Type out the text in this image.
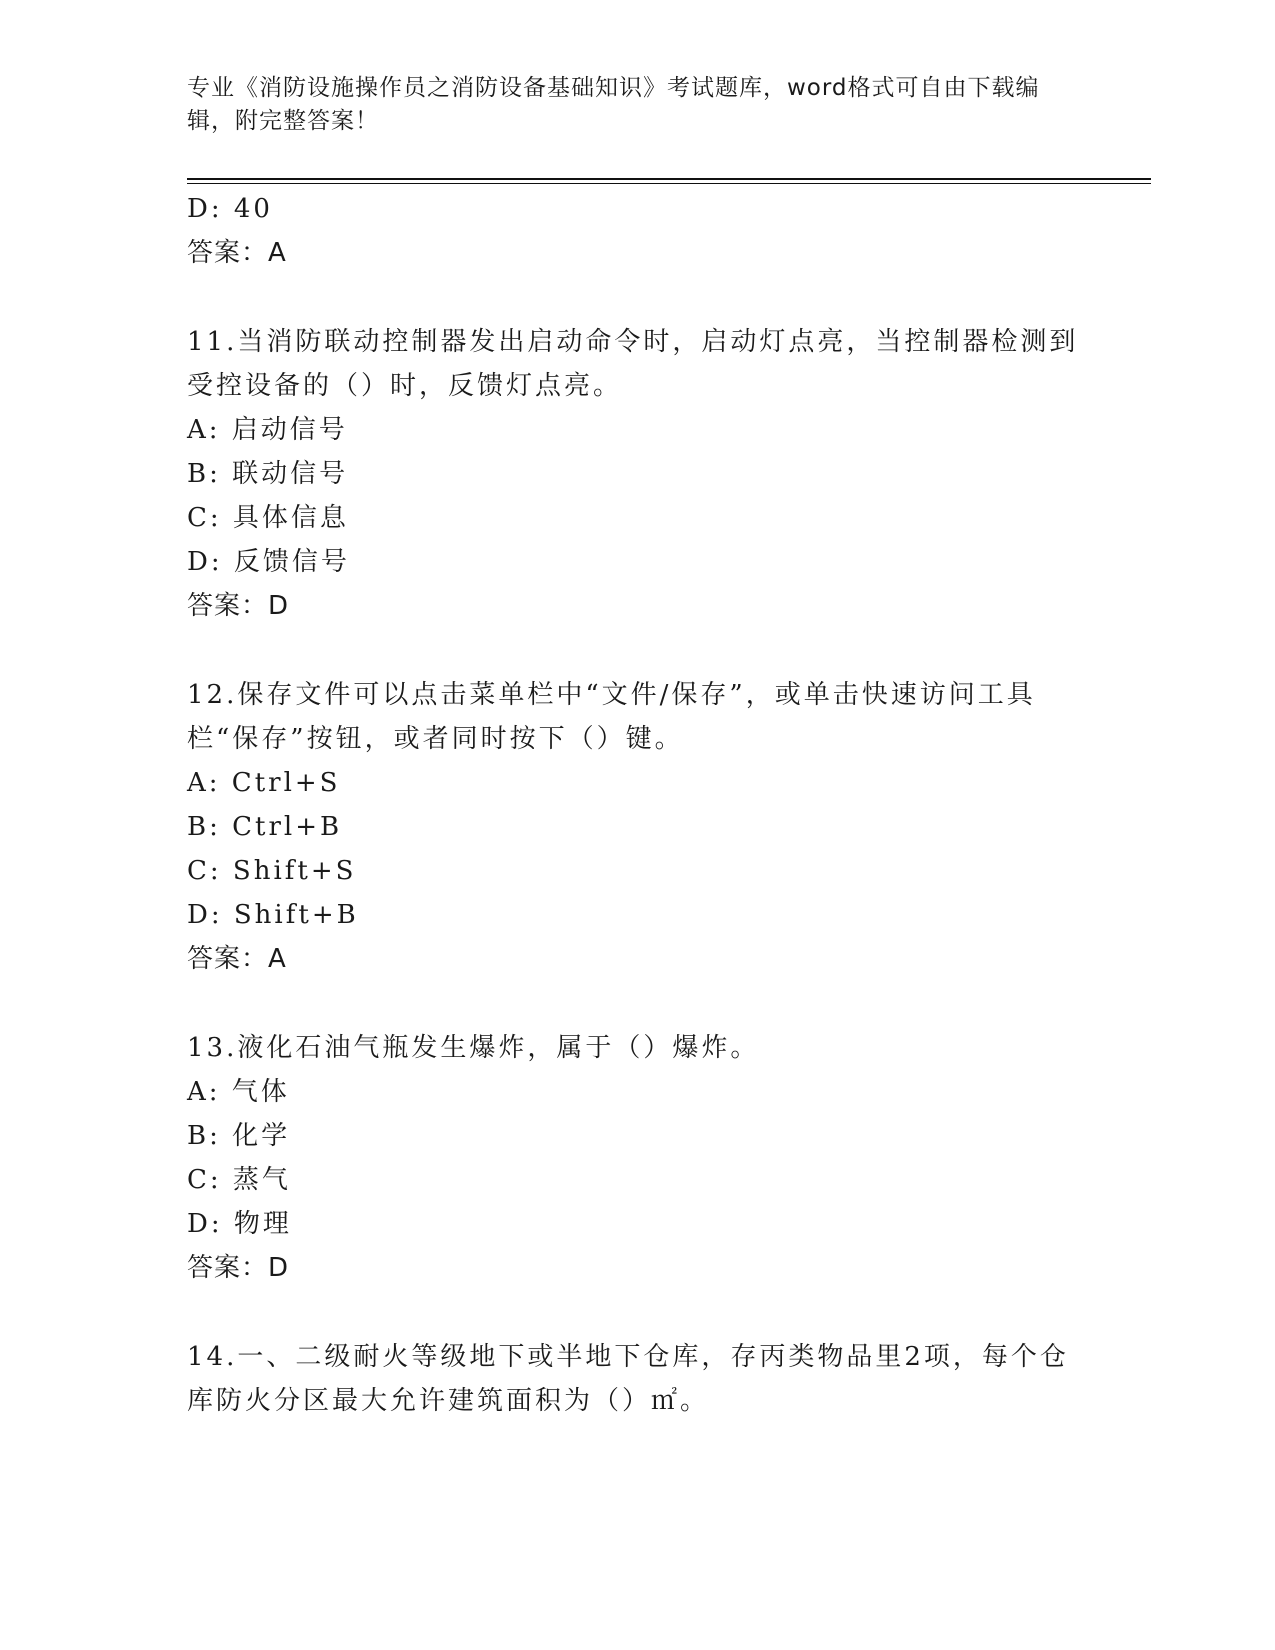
专业《消防设施操作员之消防设备基础知识》考试题库，word格式可自由下载编
辑，附完整答案！
D: 40
答案：A
11.当消防联动控制器发出启动命令时，启动灯点亮，当控制器检测到
受控设备的（）时，反馈灯点亮。
A: 启动信号
B: 联动信号
C: 具体信息
D: 反馈信号
答案：D
12.保存文件可以点击菜单栏中“文件/保存”，或单击快速访问工具
栏“保存”按钮，或者同时按下（）键。
A: Ctrl+S
B: Ctrl+B
C: Shift+S
D: Shift+B
答案：A
13.液化石油气瓶发生爆炸，属于（）爆炸。
A: 气体
B: 化学
C: 蒸气
D: 物理
答案：D
14.一、二级耐火等级地下或半地下仓库，存丙类物品里2项，每个仓
库防火分区最大允许建筑面积为（）㎡。
